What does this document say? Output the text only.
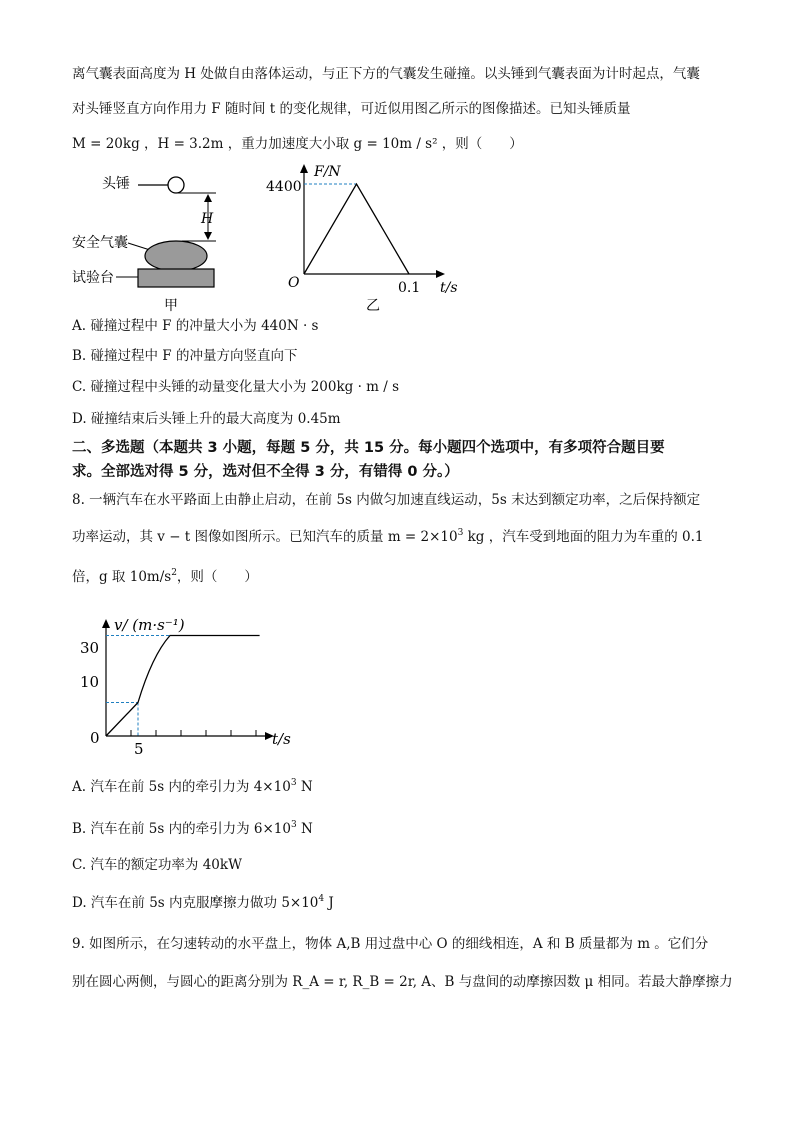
离气囊表面高度为 H 处做自由落体运动，与正下方的气囊发生碰撞。以头锤到气囊表面为计时起点，气囊
对头锤竖直方向作用力 F 随时间 t 的变化规律，可近似用图乙所示的图像描述。已知头锤质量
M = 20kg ，H = 3.2m ，重力加速度大小取 g = 10m / s² ，则（　　）
头锤
H
安全气囊
试验台
甲
F/N
t/s
O
4400
0.1
乙
A. 碰撞过程中 F 的冲量大小为 440N · s
B. 碰撞过程中 F 的冲量方向竖直向下
C. 碰撞过程中头锤的动量变化量大小为 200kg · m / s
D. 碰撞结束后头锤上升的最大高度为 0.45m
二、多选题（本题共 3 小题，每题 5 分，共 15 分。每小题四个选项中，有多项符合题目要
求。全部选对得 5 分，选对但不全得 3 分，有错得 0 分。）
8. 一辆汽车在水平路面上由静止启动，在前 5s 内做匀加速直线运动，5s 末达到额定功率，之后保持额定
功率运动，其 v − t 图像如图所示。已知汽车的质量 $m = 2\times 10^3$ kg ，汽车受到地面的阻力为车重的 0.1
倍，g 取 $10m/s^2$，则（　　）
v/ (m·s⁻¹)
t/s
0
30
10
5
A. 汽车在前 5s 内的牵引力为 $4\times 10^3$ N
B. 汽车在前 5s 内的牵引力为 $6\times 10^3$ N
C. 汽车的额定功率为 40kW
D. 汽车在前 5s 内克服摩擦力做功 $5\times 10^4$ J
9. 如图所示，在匀速转动的水平盘上，物体 A,B 用过盘中心 O 的细线相连，A 和 B 质量都为 m 。它们分
别在圆心两侧，与圆心的距离分别为 R_A = r, R_B = 2r, A、B 与盘间的动摩擦因数 μ 相同。若最大静摩擦力
